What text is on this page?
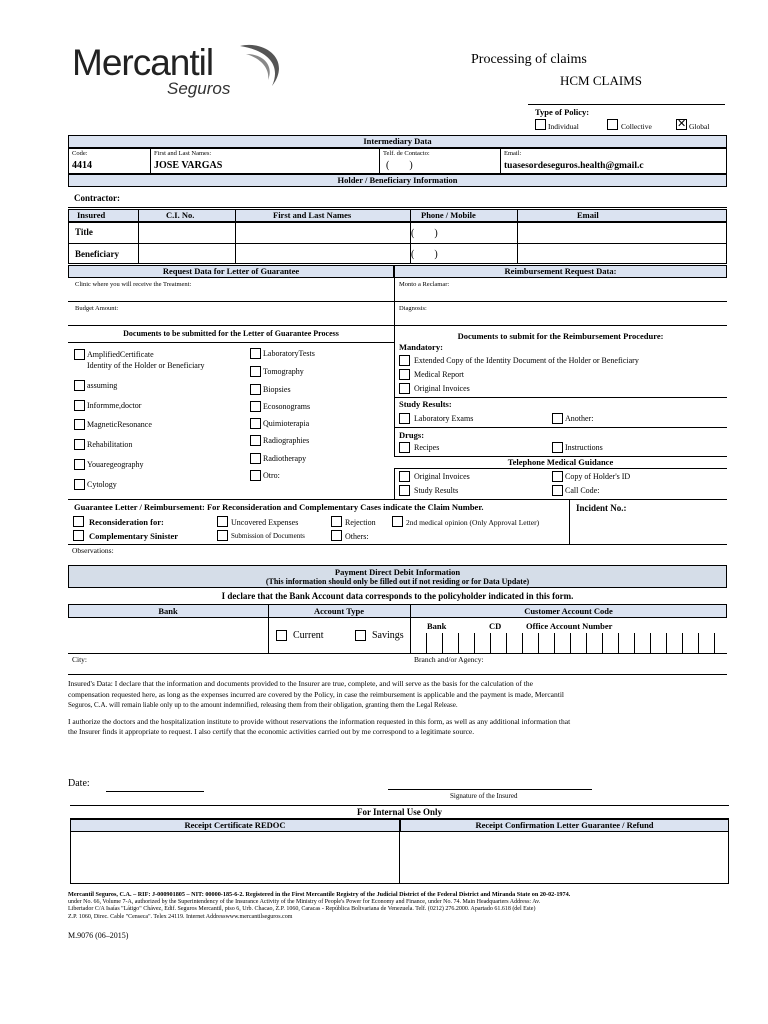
Mercantil
Seguros
Processing of claims
HCM CLAIMS
Type of Policy:
Individual	Collective
✕	Global
Intermediary Data
Code:
4414
First and Last Names:
JOSE VARGAS
Telf. de Contacto:
(        )
Email:
tuasesordeseguros.health@gmail.c
Holder / Beneficiary Information
Contractor:
Insured	C.I. No.	First and Last Names	Phone / Mobile	Email
Title	(        )
Beneficiary	(        )
Request Data for Letter of Guarantee	Reimbursement Request Data:
Clinic where you will receive the Treatment:	Monto a Reclamar:
Budget Amount:	Diagnosis:
Documents to be submitted for the Letter of Guarantee Process	Documents to submit for the Reimbursement Procedure:
AmplifiedCertificate
Identity of the Holder or Beneficiary
assuming
Informme,doctor
MagneticResonance
Rehabilitation
Youaregeography
Cytology
LaboratoryTests
Tomography
Biopsies
Ecosonograms
Quimioterapia
Radiographies
Radiotherapy
Otro:
Mandatory:
Extended Copy of the Identity Document of the Holder or Beneficiary
Medical Report
Original Invoices
Study Results:
Laboratory Exams	Another:
Drugs:
Recipes	Instructions
Telephone Medical Guidance
Original Invoices	Copy of Holder's ID
Study Results	Call Code:
Guarantee Letter / Reimbursement: For Reconsideration and Complementary Cases indicate the Claim Number.	Incident No.:
Reconsideration for:	Uncovered Expenses	Rejection	2nd medical opinion (Only Approval Letter)
Complementary Sinister	Submission of Documents	Others:
Observations:
Payment Direct Debit Information
(This information should only be filled out if not residing or for Data Update)
I declare that the Bank Account data corresponds to the policyholder indicated in this form.
Bank	Account Type	Customer Account Code
Current	Savings
Bank	CD	Office Account Number
City:	Branch and/or Agency:
Insured's Data: I declare that the information and documents provided to the Insurer are true, complete, and will serve as the basis for the calculation of the
compensation requested here, as long as the expenses incurred are covered by the Policy, in case the reimbursement is applicable and the payment is made, Mercantil
Seguros, C.A. will remain liable only up to the amount indemnified, releasing them from their obligation, granting them the Legal Release.
I authorize the doctors and the hospitalization institute to provide without reservations the information requested in this form, as well as any additional information that
the Insurer finds it appropriate to request. I also certify that the economic activities carried out by me correspond to a legitimate source.
Date:
Signature of the Insured
For Internal Use Only
Receipt Certificate REDOC	Receipt Confirmation Letter Guarantee / Refund
Mercantil Seguros, C.A. – RIF: J-000901805 – NIT: 00000-185-6-2. Registered in the First Mercantile Registry of the Judicial District of the Federal District and Miranda State on 20-02-1974.
under No. 66, Volume 7-A, authorized by the Superintendency of the Insurance Activity of the Ministry of People's Power for Economy and Finance, under No. 74. Main Headquarters Address: Av.
Libertador C/A Isaías "Látigo" Chávez, Edif. Seguros Mercantil, piso 6, Urb. Chacao, Z.P. 1060, Caracas - República Bolivariana de Venezuela. Telf. (0212) 276.2000. Apartado 61.618 (del Este)
Z.P. 1060, Direc. Cable "Censeca". Telex 24119. Internet Addresswww.mercantilseguros.com
M.9076 (06–2015)
